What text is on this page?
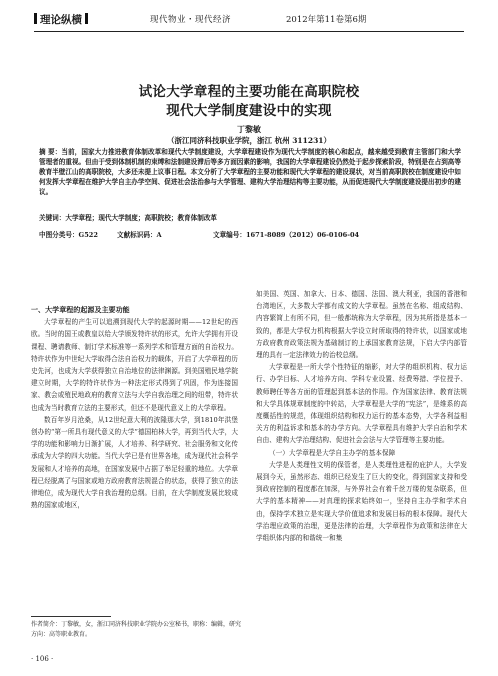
理论纵横	现代物业・现代经济	2012年第11卷第6期
试论大学章程的主要功能在高职院校
现代大学制度建设中的实现
丁黎敏
（浙江同济科技职业学院，浙江 杭州 311231）
摘 要：当前，国家大力推进教育体制改革和现代大学制度建设，大学章程建设作为现代大学制度的核心和起点，越来越受到教育主管部门和大学管理者的重视。但由于受到体制机制的束缚和法制建设滞后等多方面因素的影响，我国的大学章程建设仍然处于起步探索阶段，特别是在占到高等教育半壁江山的高职院校，大多还未提上议事日程。本文分析了大学章程的主要功能和现代大学章程的建设现状，对当前高职院校在制度建设中如何发挥大学章程在维护大学自主办学空间、促进社会法治参与大学管理、建构大学治理结构等主要功能，从而促进现代大学制度建设提出初步的建议。
关键词：大学章程；现代大学制度；高职院校；教育体制改革
中图分类号：G522	文献标识码：A	文章编号：1671-8089（2012）06-0106-04

一、大学章程的起源及主要功能

大学章程的产生可以追溯到现代大学的起源时期——12世纪的西欧。当时的国王或教皇以给大学颁发特许状的形式，允许大学拥有开设课程、聘请教师、制订学术标准等一系列学术和管理方面的自治权力。特许状作为中世纪大学取得合法自治权力的载体，开启了大学章程的历史先河，也成为大学获得独立自治地位的法律渊源。到美国殖民地学院建立时期，大学的特许状作为一种法定形式得到了巩固，作为连接国家、教会或殖民地政府的教育立法与大学自我治理之间的纽带，特许状也成为当时教育立法的主要形式，但还不是现代意义上的大学章程。

数百年岁月沧桑，从12世纪意大利的波隆那大学，到1810年洪堡创办的“第一所具有现代意义的大学”德国柏林大学，再到当代大学，大学的功能和影响力日渐扩展，人才培养、科学研究、社会服务和文化传承成为大学的四大功能。当代大学已是有世界各地，成为现代社会科学发展和人才培养的高地，在国家发展中占据了举足轻重的地位。大学章程已经脱离了与国家或地方政府教育法规混合的状态，获得了独立的法律地位，成为现代大学自我治理的总纲。目前，在大学制度发展比较成熟的国家或地区，

如美国、英国、加拿大、日本、德国、法国、澳大利亚，我国的香港和台湾地区，大多数大学都有成文的大学章程。虽然在名称、组成结构、内容繁简上有所不同，但一般都统称为大学章程，因为其所指是基本一致的，都是大学权力机构根据大学设立时所取得的特许状，以国家或地方政府教育政策法规为基础制订的上承国家教育法规，下启大学内部管理的具有一定法律效力的治校总纲。

大学章程是一所大学个性特征的缩影，对大学的组织机构、权力运行、办学目标、人才培养方向、学科专业设置、经费筹措、学位授予、教师聘任等各方面的管理起到基本法的作用。作为国家法律、教育法规和大学具体规章制度的中转站，大学章程是大学的“宪法”，是维系的高度概括性的规范，体现组织结构和权力运行的基本态势，大学各利益相关方的利益诉求和基本的办学方向。大学章程具有维护大学自治和学术自由、建构大学治理结构、促进社会会法与大学管理等主要功能。

（一）大学章程是大学自主办学的基本保障

大学是人类理性文明的保管者，是人类理性进程的庇护人，大学发展到今天，虽然形态、组织已经发生了巨大的变化，得到国家支持和受到政府控制的程度都在加深，与外界社会有着千丝万缕的复杂联系，但大学的基本精神——对真理的探求始终如一，坚持自主办学和学术自由，保持学术独立是实现大学价值追求和发展目标的根本保障。现代大学治理应政策的治理，更是法律的治理，大学章程作为政策和法律在大学组织体内部的和谐统一和集

作者简介：丁黎敏，女，浙江同济科技职业学院办公室秘书，职称：编辑，研究方向：高等职业教育。
· 106 ·
